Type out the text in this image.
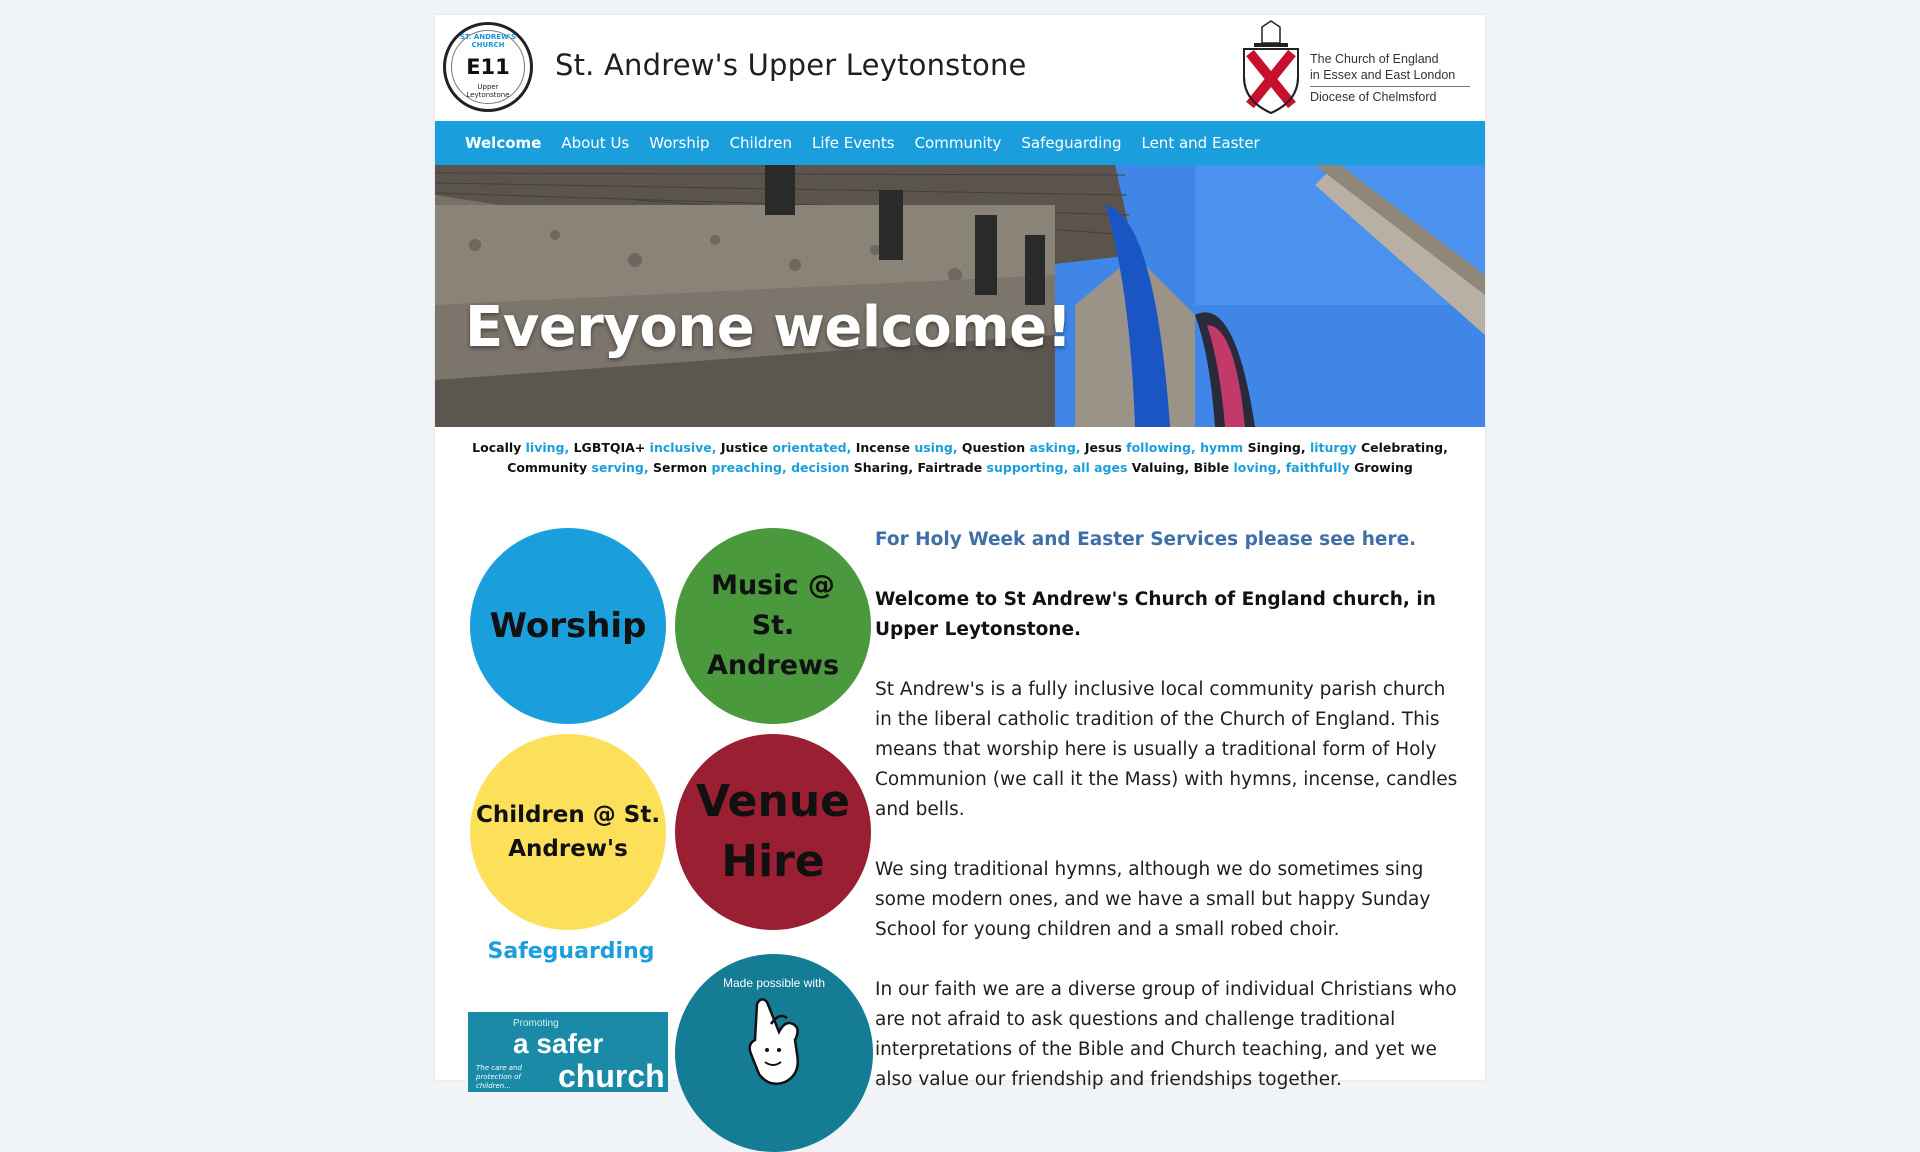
ST. ANDREW'S CHURCH
E11
Upper
Leytonstone
St. Andrew's Upper Leytonstone	The Church of England
in Essex and East London
Diocese of Chelmsford
Welcome About Us Worship Children Life Events Community Safeguarding Lent and Easter
Everyone welcome!
Locally living, LGBTQIA+ inclusive, Justice orientated, Incense using, Question asking, Jesus following, hymm Singing, liturgy Celebrating,
Community serving, Sermon preaching, decision Sharing, Fairtrade supporting, all ages Valuing, Bible loving, faithfully Growing
Worship
Music @
St.
Andrews
Children @ St.
Andrew's
Venue
Hire
Safeguarding
Promoting
a safer
church
The care and protection of children...
Made possible with

For Holy Week and Easter Services please see here.

Welcome to St Andrew's Church of England church, in Upper Leytonstone.

St Andrew's is a fully inclusive local community parish church in the liberal catholic tradition of the Church of England. This means that worship here is usually a traditional form of Holy Communion (we call it the Mass) with hymns, incense, candles and bells.

We sing traditional hymns, although we do sometimes sing some modern ones, and we have a small but happy Sunday School for young children and a small robed choir.

In our faith we are a diverse group of individual Christians who are not afraid to ask questions and challenge traditional interpretations of the Bible and Church teaching, and yet we also value our friendship and friendships together.
